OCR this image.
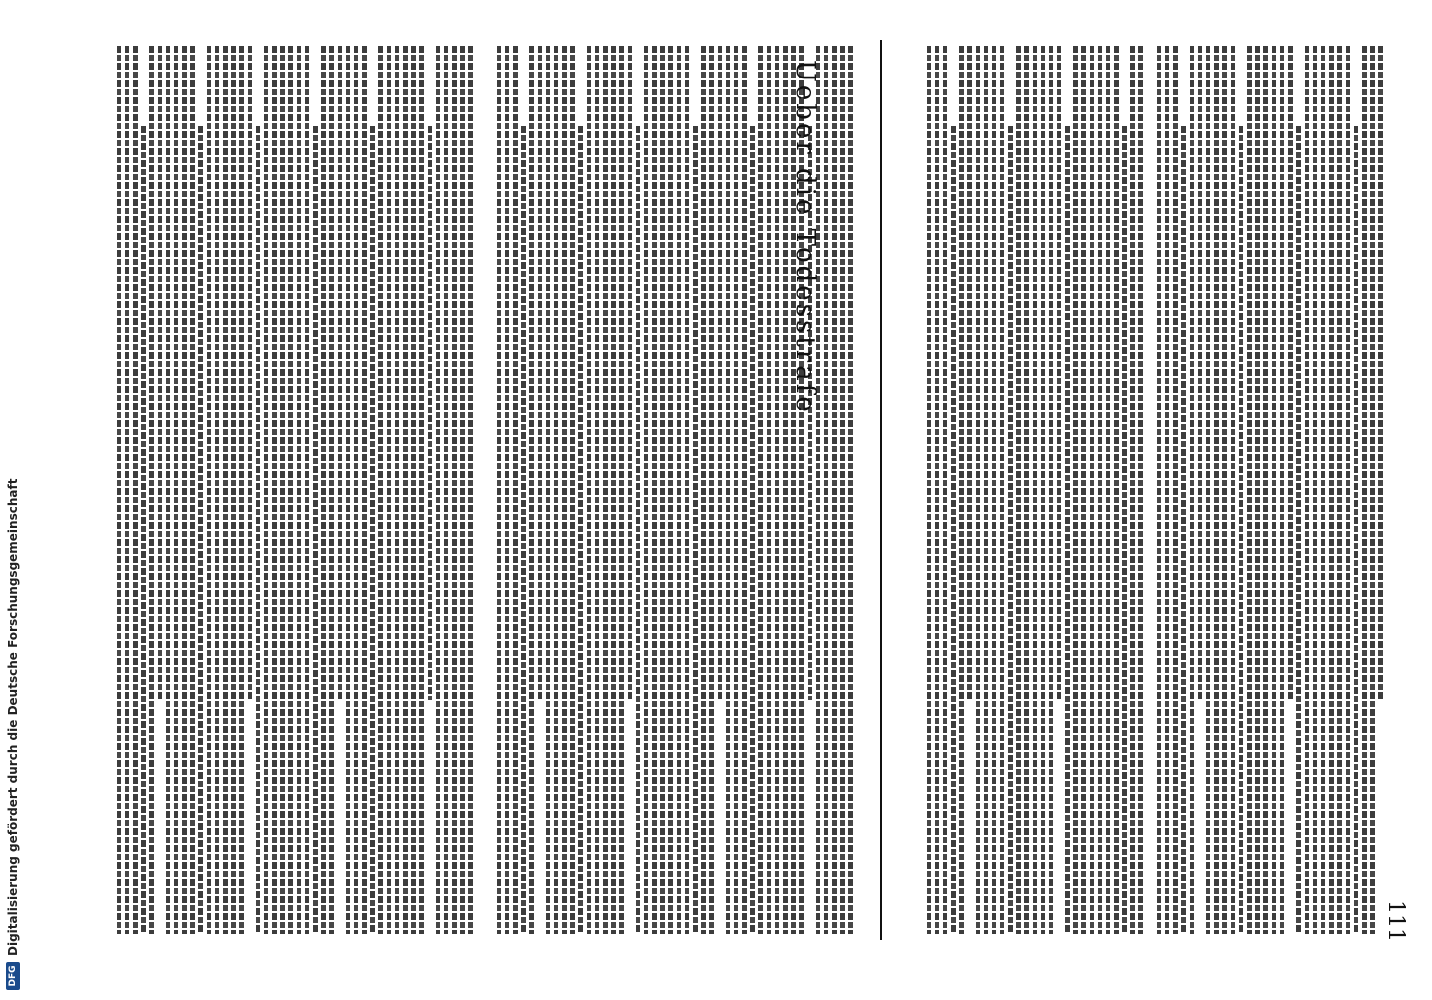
Ueber die Todesstrafe
111
DFG
Digitalisierung gefördert durch die Deutsche Forschungsgemeinschaft
